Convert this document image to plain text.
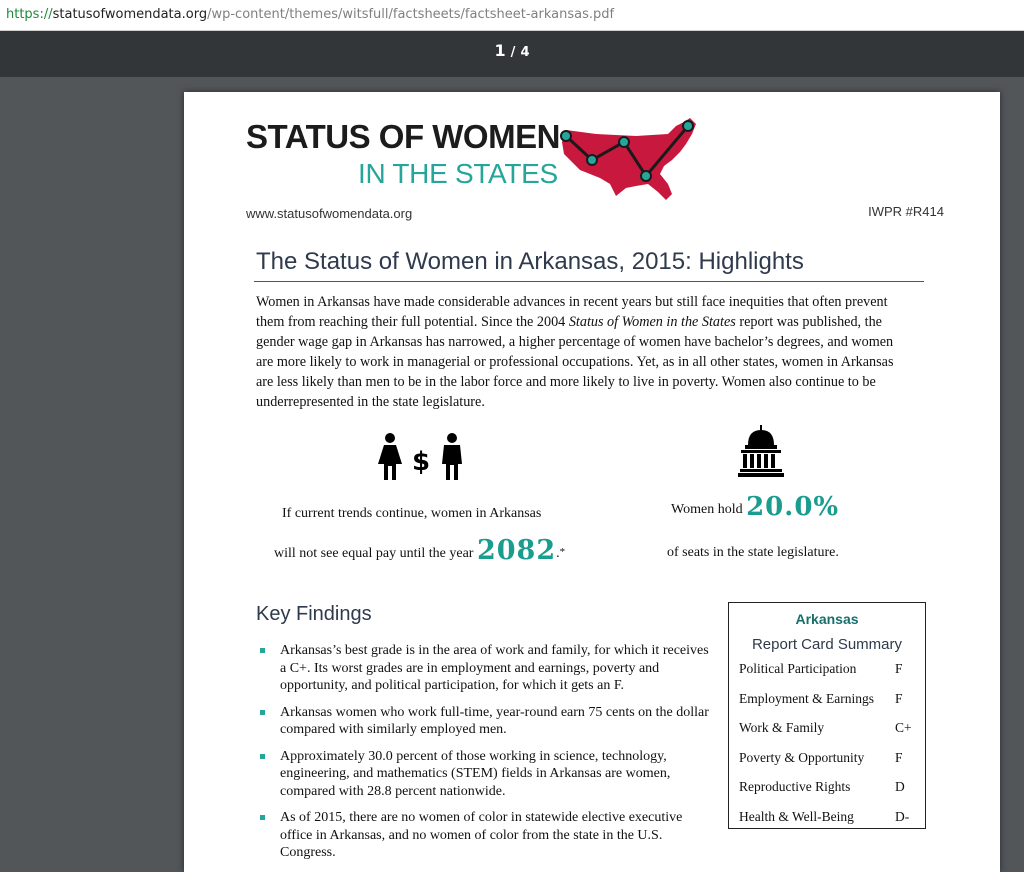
https://statusofwomendata.org/wp-content/themes/witsfull/factsheets/factsheet-arkansas.pdf
1 / 4
STATUS OF WOMEN
IN THE STATES
www.statusofwomendata.org	IWPR #R414
The Status of Women in Arkansas, 2015: Highlights
Women in Arkansas have made considerable advances in recent years but still face inequities that often prevent them from reaching their full potential. Since the 2004 Status of Women in the States report was published, the gender wage gap in Arkansas has narrowed, a higher percentage of women have bachelor’s degrees, and women are more likely to work in managerial or professional occupations. Yet, as in all other states, women in Arkansas are less likely than men to be in the labor force and more likely to live in poverty. Women also continue to be underrepresented in the state legislature.
$
If current trends continue, women in Arkansas
will not see equal pay until the year 2082.*
Women hold 20.0%
of seats in the state legislature.
Key Findings
Arkansas’s best grade is in the area of work and family, for which it receives a C+. Its worst grades are in employment and earnings, poverty and opportunity, and political participation, for which it gets an F.
Arkansas women who work full-time, year-round earn 75 cents on the dollar compared with similarly employed men.
Approximately 30.0 percent of those working in science, technology, engineering, and mathematics (STEM) fields in Arkansas are women, compared with 28.8 percent nationwide.
As of 2015, there are no women of color in statewide elective executive office in Arkansas, and no women of color from the state in the U.S. Congress.
Arkansas
Report Card Summary
Political Participation	F
Employment & Earnings F
Work & Family	C+
Poverty & Opportunity F
Reproductive Rights	D
Health & Well-Being	D-
